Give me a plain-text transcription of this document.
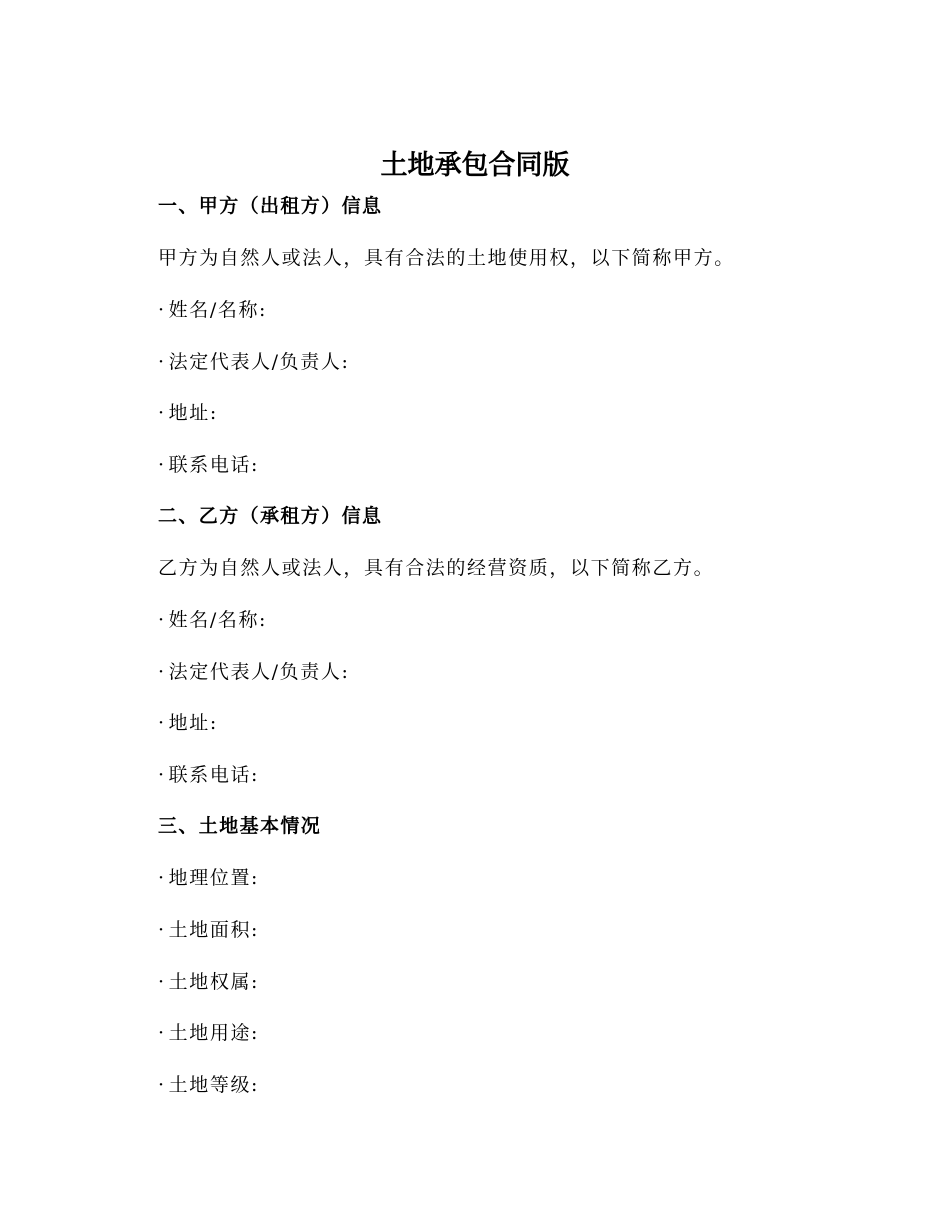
土地承包合同版
一、甲方（出租方）信息
甲方为自然人或法人，具有合法的土地使用权，以下简称甲方。
· 姓名/名称:
· 法定代表人/负责人:
· 地址:
· 联系电话:
二、乙方（承租方）信息
乙方为自然人或法人，具有合法的经营资质，以下简称乙方。
· 姓名/名称:
· 法定代表人/负责人:
· 地址:
· 联系电话:
三、土地基本情况
· 地理位置:
· 土地面积:
· 土地权属:
· 土地用途:
· 土地等级:
